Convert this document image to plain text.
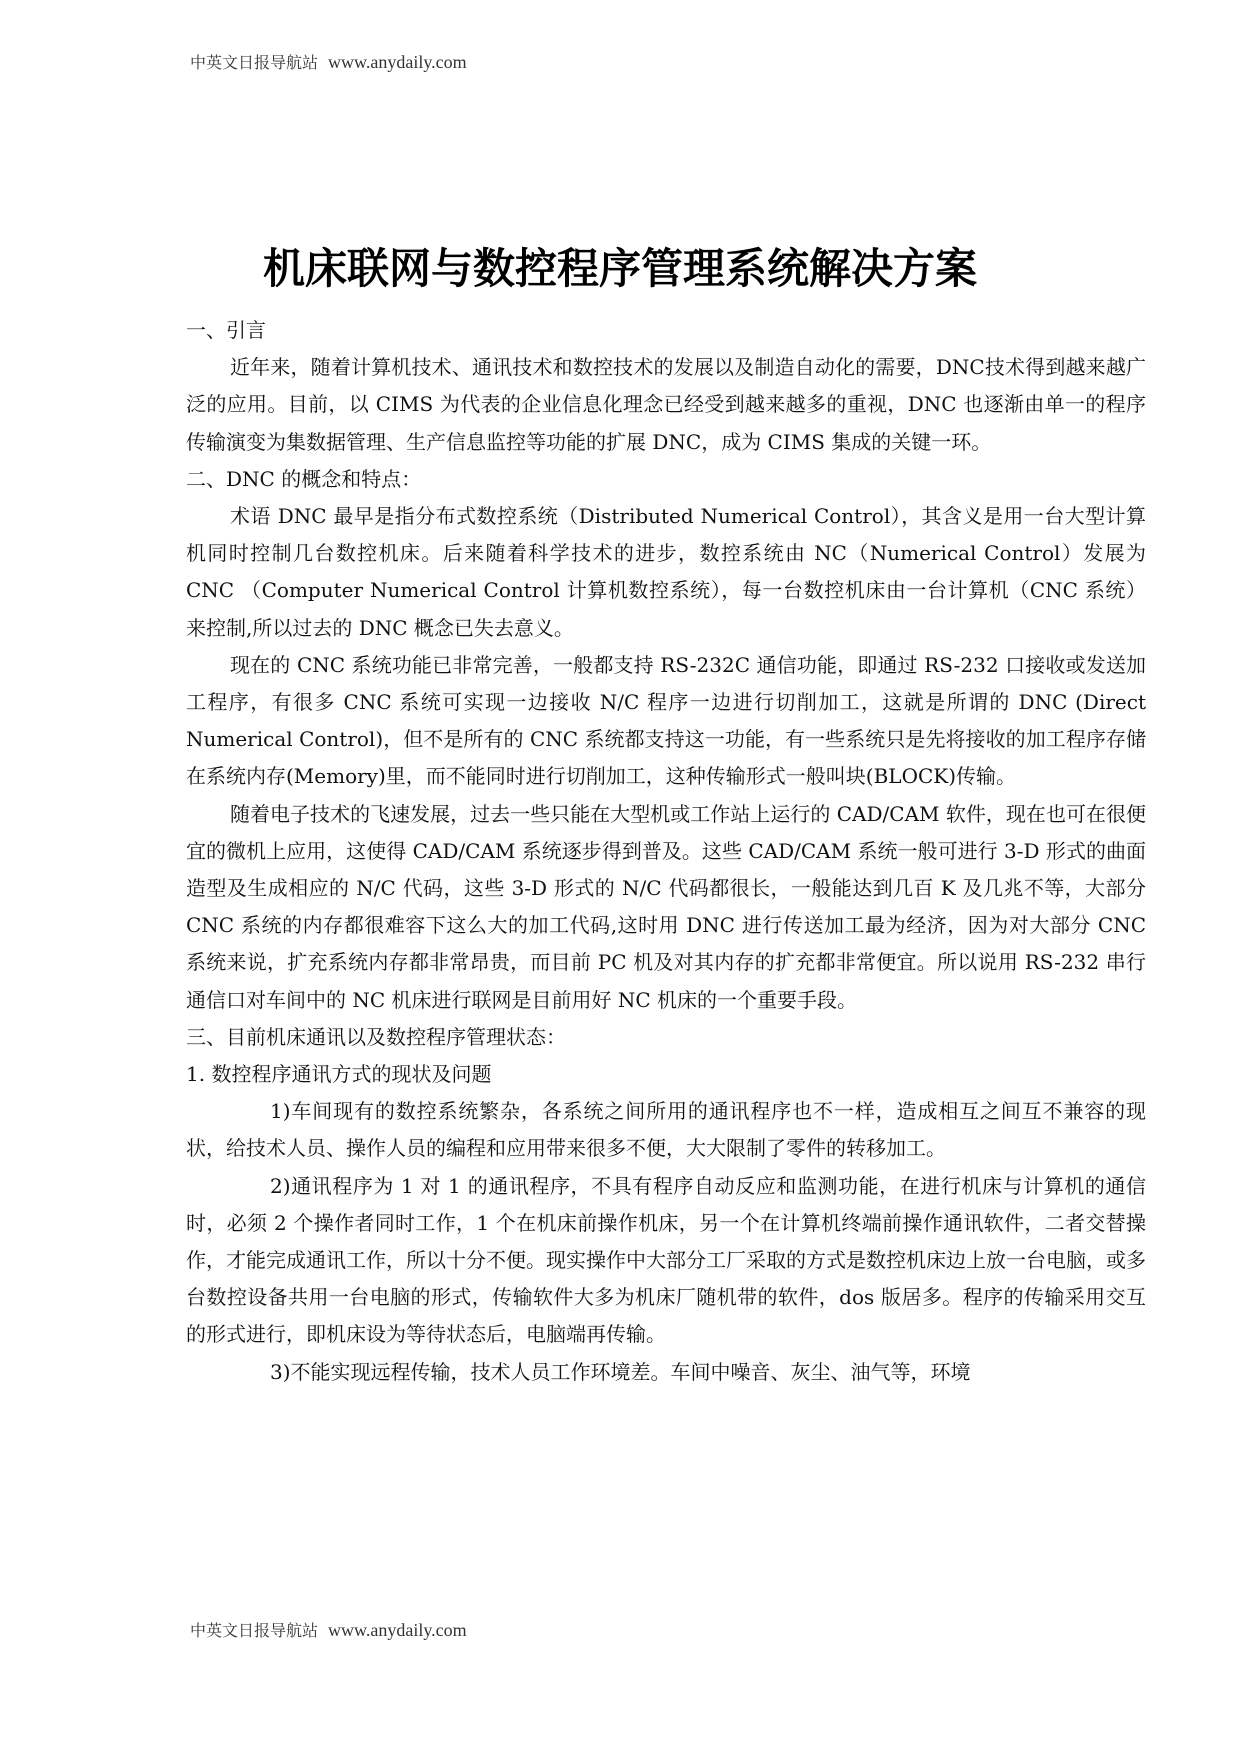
中英文日报导航站 www.anydaily.com
机床联网与数控程序管理系统解决方案

一、引言

近年来，随着计算机技术、通讯技术和数控技术的发展以及制造自动化的需要，DNC技术得到越来越广泛的应用。目前，以 CIMS 为代表的企业信息化理念已经受到越来越多的重视，DNC 也逐渐由单一的程序传输演变为集数据管理、生产信息监控等功能的扩展 DNC，成为 CIMS 集成的关键一环。

二、DNC 的概念和特点：

术语 DNC 最早是指分布式数控系统（Distributed Numerical Control），其含义是用一台大型计算机同时控制几台数控机床。后来随着科学技术的进步，数控系统由 NC（Numerical Control）发展为 CNC （Computer Numerical Control 计算机数控系统），每一台数控机床由一台计算机（CNC 系统）来控制,所以过去的 DNC 概念已失去意义。

现在的 CNC 系统功能已非常完善，一般都支持 RS-232C 通信功能，即通过 RS-232 口接收或发送加工程序，有很多 CNC 系统可实现一边接收 N/C 程序一边进行切削加工，这就是所谓的 DNC (Direct Numerical Control)，但不是所有的 CNC 系统都支持这一功能，有一些系统只是先将接收的加工程序存储在系统内存(Memory)里，而不能同时进行切削加工，这种传输形式一般叫块(BLOCK)传输。

随着电子技术的飞速发展，过去一些只能在大型机或工作站上运行的 CAD/CAM 软件，现在也可在很便宜的微机上应用，这使得 CAD/CAM 系统逐步得到普及。这些 CAD/CAM 系统一般可进行 3-D 形式的曲面造型及生成相应的 N/C 代码，这些 3-D 形式的 N/C 代码都很长，一般能达到几百 K 及几兆不等，大部分 CNC 系统的内存都很难容下这么大的加工代码,这时用 DNC 进行传送加工最为经济，因为对大部分 CNC 系统来说，扩充系统内存都非常昂贵，而目前 PC 机及对其内存的扩充都非常便宜。所以说用 RS-232 串行通信口对车间中的 NC 机床进行联网是目前用好 NC 机床的一个重要手段。

三、目前机床通讯以及数控程序管理状态：

1. 数控程序通讯方式的现状及问题

1)车间现有的数控系统繁杂，各系统之间所用的通讯程序也不一样，造成相互之间互不兼容的现状，给技术人员、操作人员的编程和应用带来很多不便，大大限制了零件的转移加工。

2)通讯程序为 1 对 1 的通讯程序，不具有程序自动反应和监测功能，在进行机床与计算机的通信时，必须 2 个操作者同时工作，1 个在机床前操作机床，另一个在计算机终端前操作通讯软件，二者交替操作，才能完成通讯工作，所以十分不便。现实操作中大部分工厂采取的方式是数控机床边上放一台电脑，或多台数控设备共用一台电脑的形式，传输软件大多为机床厂随机带的软件，dos 版居多。程序的传输采用交互的形式进行，即机床设为等待状态后，电脑端再传输。

3)不能实现远程传输，技术人员工作环境差。车间中噪音、灰尘、油气等，环境

中英文日报导航站 www.anydaily.com
